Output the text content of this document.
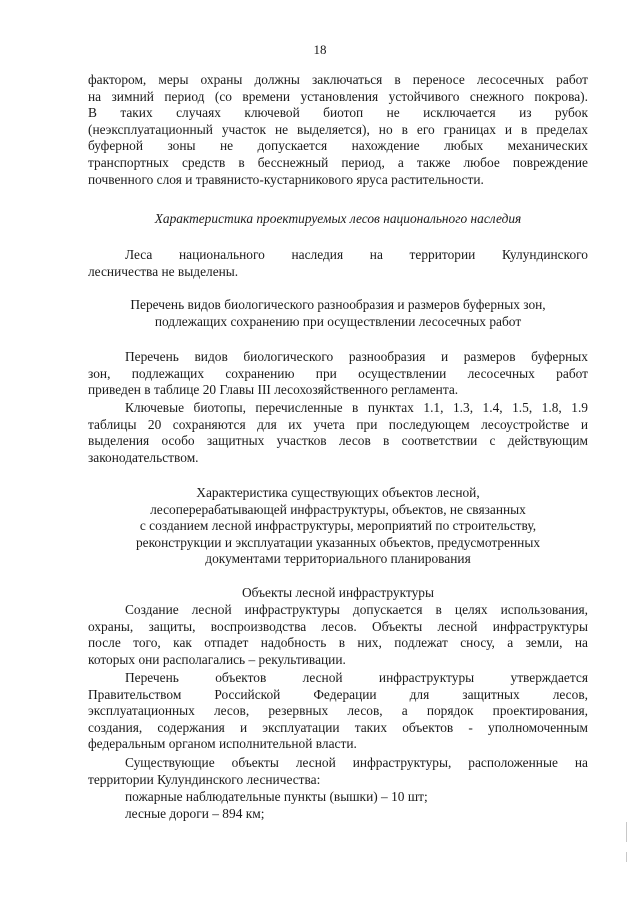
18
фактором, меры охраны должны заключаться в переносе лесосечных работ
на зимний период (со времени установления устойчивого снежного покрова).
В таких случаях ключевой биотоп не исключается из рубок
(неэксплуатационный участок не выделяется), но в его границах и в пределах
буферной зоны не допускается нахождение любых механических
транспортных средств в бесснежный период, а также любое повреждение
почвенного слоя и травянисто-кустарникового яруса растительности.
Характеристика проектируемых лесов национального наследия
Леса национального наследия на территории Кулундинского
лесничества не выделены.
Перечень видов биологического разнообразия и размеров буферных зон,
подлежащих сохранению при осуществлении лесосечных работ
Перечень видов биологического разнообразия и размеров буферных
зон, подлежащих сохранению при осуществлении лесосечных работ
приведен в таблице 20 Главы III лесохозяйственного регламента.
Ключевые биотопы, перечисленные в пунктах 1.1, 1.3, 1.4, 1.5, 1.8, 1.9
таблицы 20 сохраняются для их учета при последующем лесоустройстве и
выделения особо защитных участков лесов в соответствии с действующим
законодательством.
Характеристика существующих объектов лесной,
лесоперерабатывающей инфраструктуры, объектов, не связанных
с созданием лесной инфраструктуры, мероприятий по строительству,
реконструкции и эксплуатации указанных объектов, предусмотренных
документами территориального планирования
Объекты лесной инфраструктуры
Создание лесной инфраструктуры допускается в целях использования,
охраны, защиты, воспроизводства лесов. Объекты лесной инфраструктуры
после того, как отпадет надобность в них, подлежат сносу, а земли, на
которых они располагались – рекультивации.
Перечень объектов лесной инфраструктуры утверждается
Правительством Российской Федерации для защитных лесов,
эксплуатационных лесов, резервных лесов, а порядок проектирования,
создания, содержания и эксплуатации таких объектов - уполномоченным
федеральным органом исполнительной власти.
Существующие объекты лесной инфраструктуры, расположенные на
территории Кулундинского лесничества:
пожарные наблюдательные пункты (вышки) – 10 шт;
лесные дороги – 894 км;
